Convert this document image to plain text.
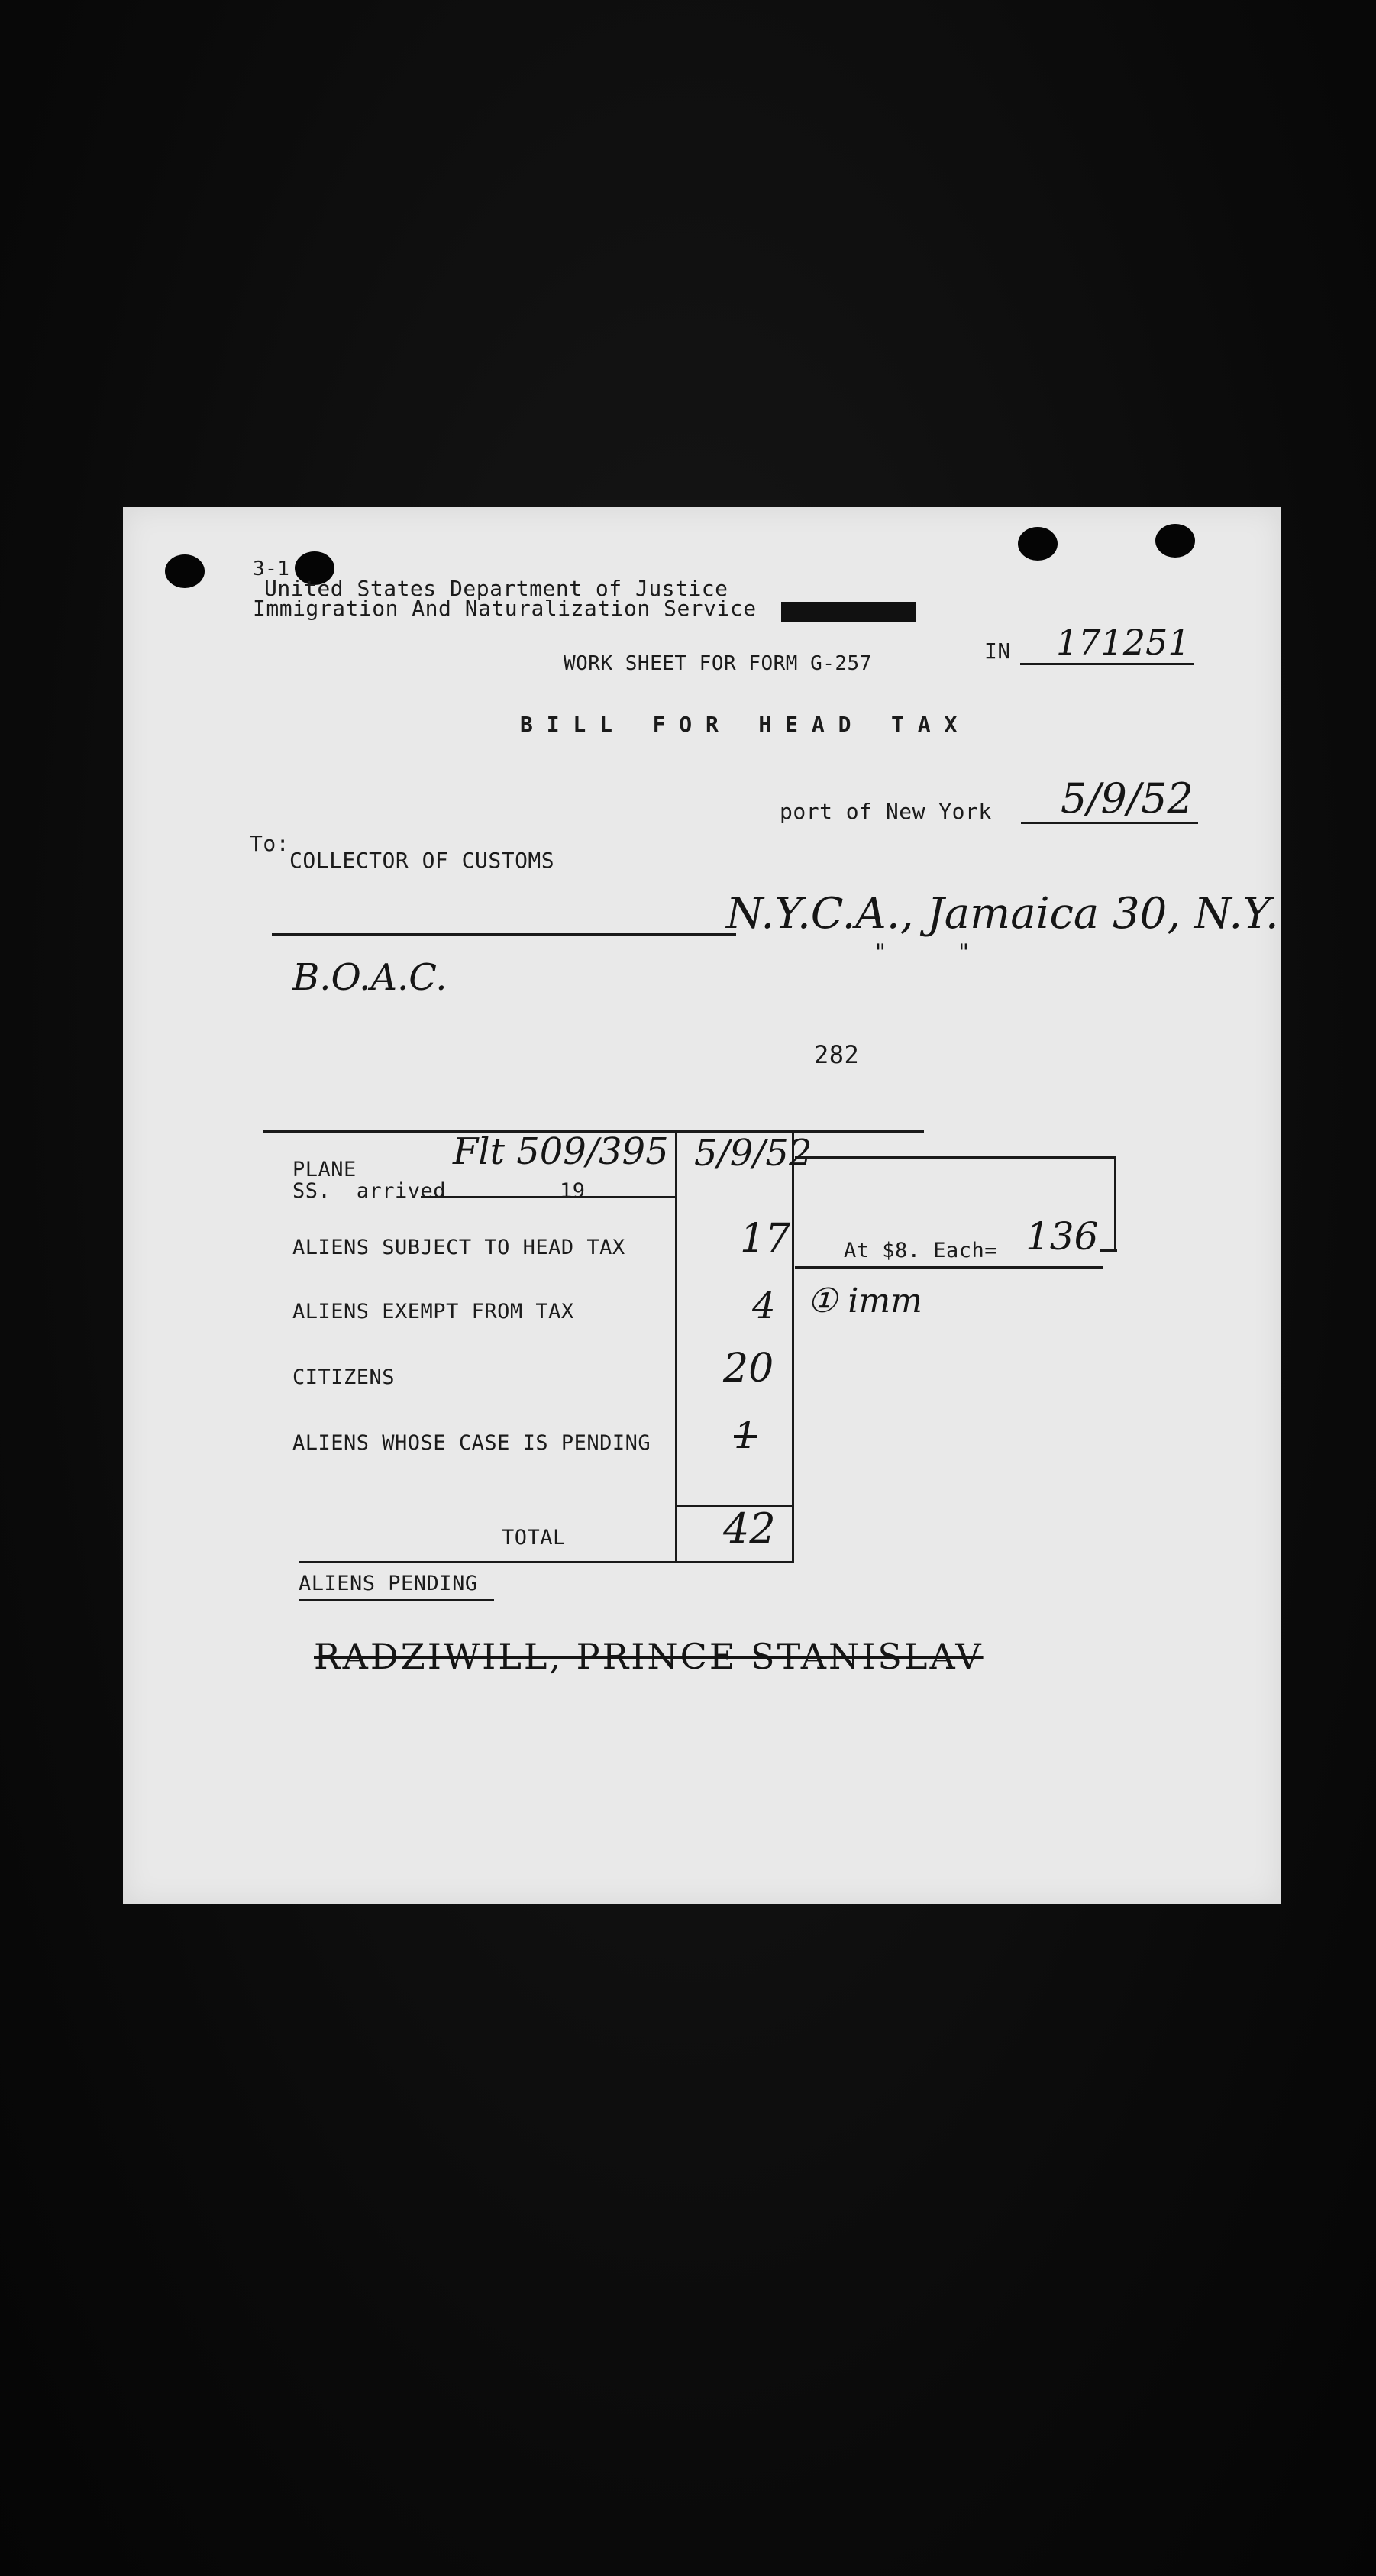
3-1
United States Department of Justice
Immigration And Naturalization Service
WORK SHEET FOR FORM G-257	IN 171251
B I L L   F O R   H E A D   T A X
port of New York 5/9/52
To:
COLLECTOR OF CUSTOMS
N.Y.C.A., Jamaica 30, N.Y.
"          "
B.O.A.C.
282
PLANE	Flt 509/395 5/9/52
SS.  arrived	19
ALIENS SUBJECT TO HEAD TAX	17	At $8. Each= 136
ALIENS EXEMPT FROM TAX	4 ① imm
CITIZENS	20
ALIENS WHOSE CASE IS PENDING 1
TOTAL	42
ALIENS PENDING
RADZIWILL, PRINCE STANISLAV
